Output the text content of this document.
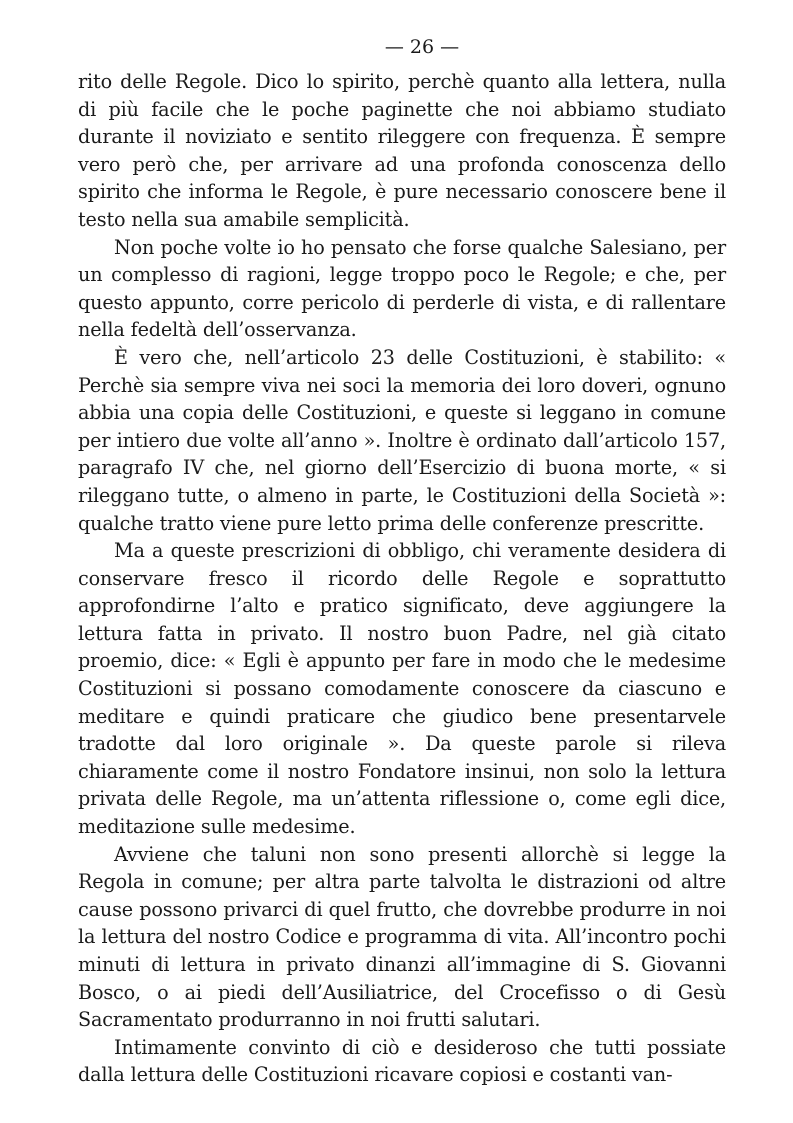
— 26 —

rito delle Regole. Dico lo spirito, perchè quanto alla lettera, nulla di più facile che le poche paginette che noi abbiamo studiato durante il noviziato e sentito rileggere con frequenza. È sempre vero però che, per arrivare ad una profonda conoscenza dello spirito che informa le Regole, è pure necessario conoscere bene il testo nella sua amabile semplicità.

Non poche volte io ho pensato che forse qualche Salesiano, per un complesso di ragioni, legge troppo poco le Regole; e che, per questo appunto, corre pericolo di perderle di vista, e di rallentare nella fedeltà dell’osservanza.

È vero che, nell’articolo 23 delle Costituzioni, è stabilito: « Perchè sia sempre viva nei soci la memoria dei loro doveri, ognuno abbia una copia delle Costituzioni, e queste si leggano in comune per intiero due volte all’anno ». Inoltre è ordinato dall’articolo 157, paragrafo IV che, nel giorno dell’Esercizio di buona morte, « si rileggano tutte, o almeno in parte, le Costituzioni della Società »: qualche tratto viene pure letto prima delle conferenze prescritte.

Ma a queste prescrizioni di obbligo, chi veramente desidera di conservare fresco il ricordo delle Regole e soprattutto approfondirne l’alto e pratico significato, deve aggiungere la lettura fatta in privato. Il nostro buon Padre, nel già citato proemio, dice: « Egli è appunto per fare in modo che le medesime Costituzioni si possano comodamente conoscere da ciascuno e meditare e quindi praticare che giudico bene presentarvele tradotte dal loro originale ». Da queste parole si rileva chiaramente come il nostro Fondatore insinui, non solo la lettura privata delle Regole, ma un’attenta riflessione o, come egli dice, meditazione sulle medesime.

Avviene che taluni non sono presenti allorchè si legge la Regola in comune; per altra parte talvolta le distrazioni od altre cause possono privarci di quel frutto, che dovrebbe produrre in noi la lettura del nostro Codice e programma di vita. All’incontro pochi minuti di lettura in privato dinanzi all’immagine di S. Giovanni Bosco, o ai piedi dell’Ausiliatrice, del Crocefisso o di Gesù Sacramentato produrranno in noi frutti salutari.

Intimamente convinto di ciò e desideroso che tutti possiate dalla lettura delle Costituzioni ricavare copiosi e costanti van-
